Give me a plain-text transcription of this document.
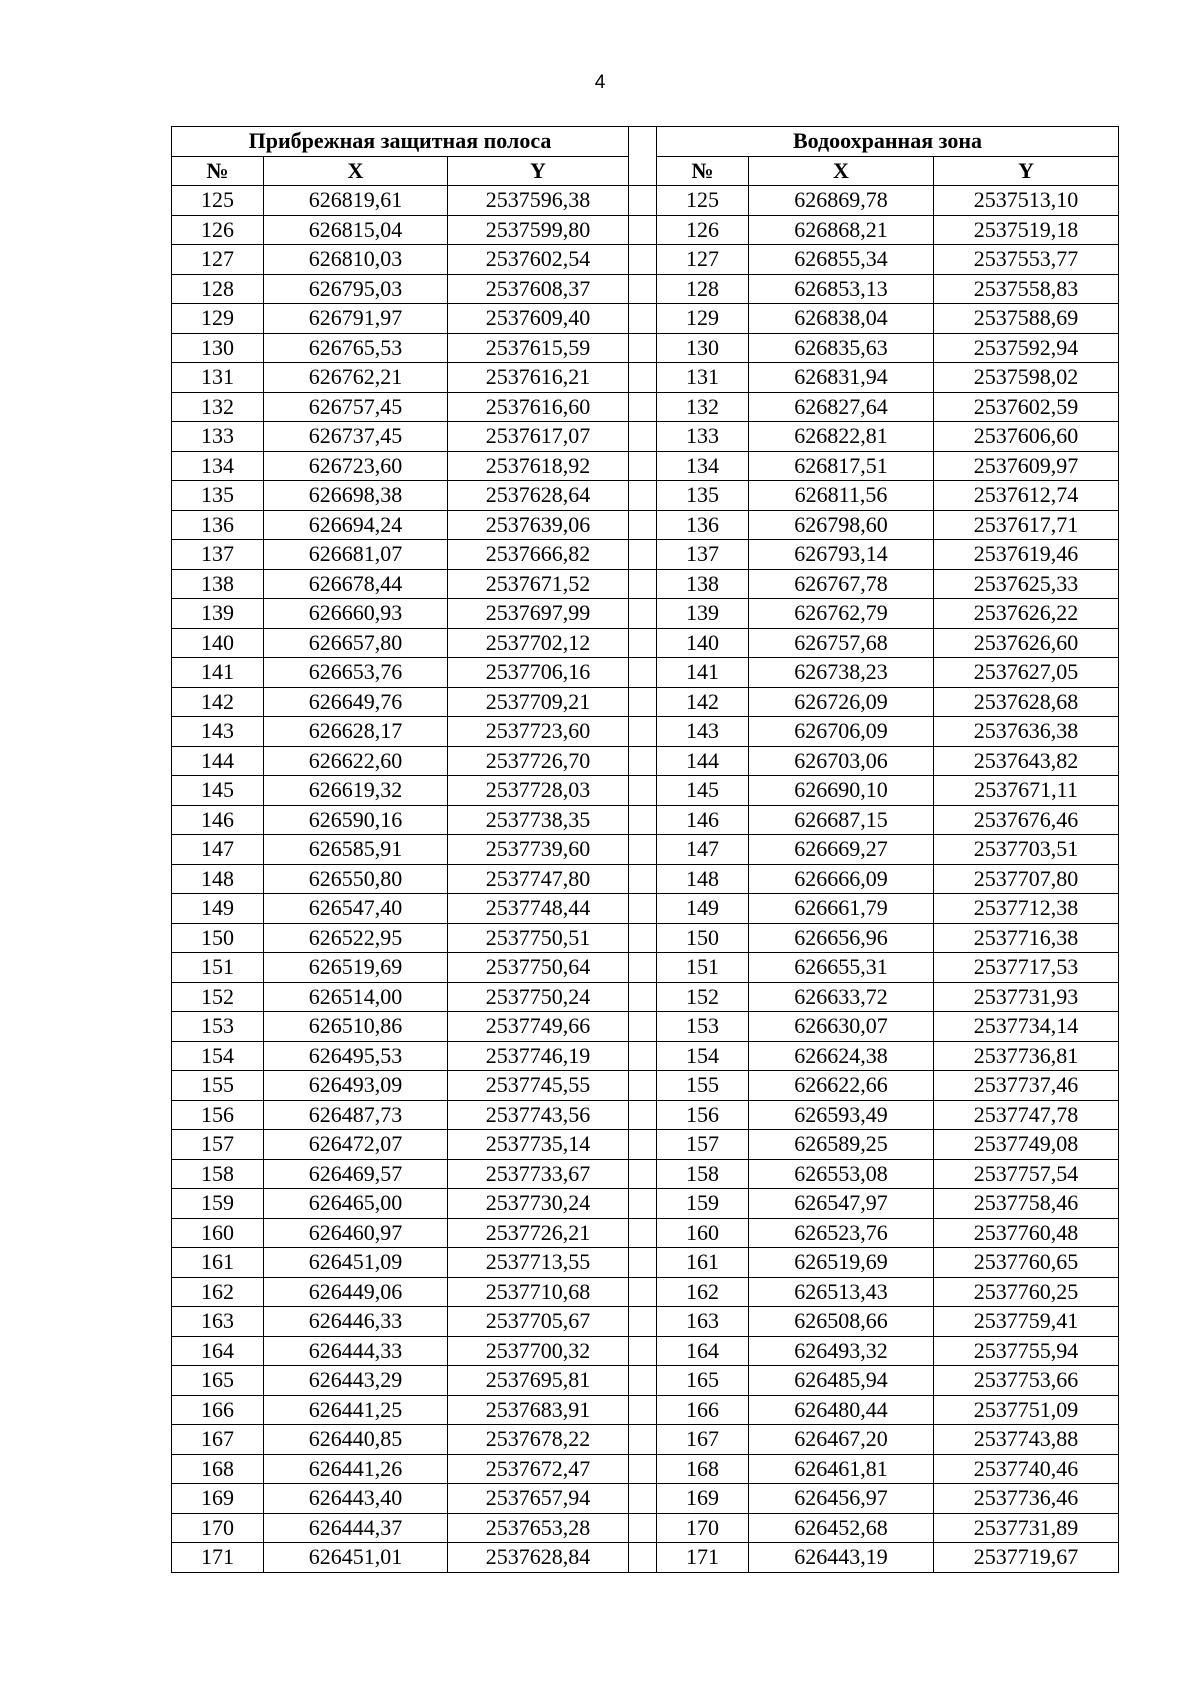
4
Прибрежная защитная полоса				Водоохранная зона		
№	X	Y		№	X	Y
125	626819,61	2537596,38		125	626869,78	2537513,10
126	626815,04	2537599,80		126	626868,21	2537519,18
127	626810,03	2537602,54		127	626855,34	2537553,77
128	626795,03	2537608,37		128	626853,13	2537558,83
129	626791,97	2537609,40		129	626838,04	2537588,69
130	626765,53	2537615,59		130	626835,63	2537592,94
131	626762,21	2537616,21		131	626831,94	2537598,02
132	626757,45	2537616,60		132	626827,64	2537602,59
133	626737,45	2537617,07		133	626822,81	2537606,60
134	626723,60	2537618,92		134	626817,51	2537609,97
135	626698,38	2537628,64		135	626811,56	2537612,74
136	626694,24	2537639,06		136	626798,60	2537617,71
137	626681,07	2537666,82		137	626793,14	2537619,46
138	626678,44	2537671,52		138	626767,78	2537625,33
139	626660,93	2537697,99		139	626762,79	2537626,22
140	626657,80	2537702,12		140	626757,68	2537626,60
141	626653,76	2537706,16		141	626738,23	2537627,05
142	626649,76	2537709,21		142	626726,09	2537628,68
143	626628,17	2537723,60		143	626706,09	2537636,38
144	626622,60	2537726,70		144	626703,06	2537643,82
145	626619,32	2537728,03		145	626690,10	2537671,11
146	626590,16	2537738,35		146	626687,15	2537676,46
147	626585,91	2537739,60		147	626669,27	2537703,51
148	626550,80	2537747,80		148	626666,09	2537707,80
149	626547,40	2537748,44		149	626661,79	2537712,38
150	626522,95	2537750,51		150	626656,96	2537716,38
151	626519,69	2537750,64		151	626655,31	2537717,53
152	626514,00	2537750,24		152	626633,72	2537731,93
153	626510,86	2537749,66		153	626630,07	2537734,14
154	626495,53	2537746,19		154	626624,38	2537736,81
155	626493,09	2537745,55		155	626622,66	2537737,46
156	626487,73	2537743,56		156	626593,49	2537747,78
157	626472,07	2537735,14		157	626589,25	2537749,08
158	626469,57	2537733,67		158	626553,08	2537757,54
159	626465,00	2537730,24		159	626547,97	2537758,46
160	626460,97	2537726,21		160	626523,76	2537760,48
161	626451,09	2537713,55		161	626519,69	2537760,65
162	626449,06	2537710,68		162	626513,43	2537760,25
163	626446,33	2537705,67		163	626508,66	2537759,41
164	626444,33	2537700,32		164	626493,32	2537755,94
165	626443,29	2537695,81		165	626485,94	2537753,66
166	626441,25	2537683,91		166	626480,44	2537751,09
167	626440,85	2537678,22		167	626467,20	2537743,88
168	626441,26	2537672,47		168	626461,81	2537740,46
169	626443,40	2537657,94		169	626456,97	2537736,46
170	626444,37	2537653,28		170	626452,68	2537731,89
171	626451,01	2537628,84		171	626443,19	2537719,67
